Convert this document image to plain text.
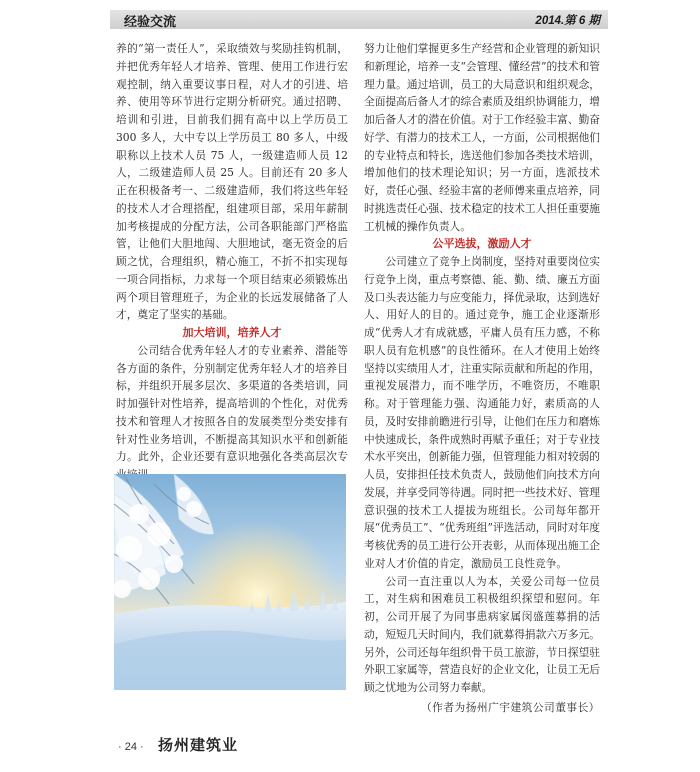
经验交流	2014.第 6 期

养的“第一责任人”，采取绩效与奖励挂钩机制，并把优秀年轻人才培养、管理、使用工作进行宏观控制，纳入重要议事日程，对人才的引进、培养、使用等环节进行定期分析研究。通过招聘、培训和引进，目前我们拥有高中以上学历员工 300 多人，大中专以上学历员工 80 多人，中级职称以上技术人员 75 人，一级建造师人员 12 人，二级建造师人员 25 人。目前还有 20 多人正在积极备考一、二级建造师，我们将这些年轻的技术人才合理搭配，组建项目部，采用年薪制加考核提成的分配方法，公司各职能部门严格监管，让他们大胆地闯、大胆地试，毫无资金的后顾之忧，合理组织，精心施工，不折不扣实现每一项合同指标，力求每一个项目结束必须锻炼出两个项目管理班子，为企业的长远发展储备了人才，奠定了坚实的基础。

加大培训，培养人才

公司结合优秀年轻人才的专业素养、潜能等各方面的条件，分别制定优秀年轻人才的培养目标，并组织开展多层次、多渠道的各类培训，同时加强针对性培养，提高培训的个性化，对优秀技术和管理人才按照各自的发展类型分类安排有针对性业务培训，不断提高其知识水平和创新能力。此外，企业还要有意识地强化各类高层次专

努力让他们掌握更多生产经营和企业管理的新知识和新理论，培养一支“会管理、懂经营”的技术和管理力量。通过培训，员工的大局意识和组织观念，全面提高后备人才的综合素质及组织协调能力，增加后备人才的潜在价值。对于工作经验丰富、勤奋好学、有潜力的技术工人，一方面，公司根据他们的专业特点和特长，选送他们参加各类技术培训，增加他们的技术理论知识；另一方面，选派技术好，责任心强、经验丰富的老师傅来重点培养，同时挑选责任心强、技术稳定的技术工人担任重要施工机械的操作负责人。

公平选拔，激励人才

公司建立了竞争上岗制度，坚持对重要岗位实行竞争上岗，重点考察德、能、勤、绩、廉五方面及口头表达能力与应变能力，择优录取，达到选好人、用好人的目的。通过竞争，施工企业逐渐形成“优秀人才有成就感，平庸人员有压力感，不称职人员有危机感”的良性循环。在人才使用上始终坚持以实绩用人才，注重实际贡献和所起的作用，重视发展潜力，而不唯学历，不唯资历，不唯职称。对于管理能力强、沟通能力好，素质高的人员，及时安排前瞻进行引导，让他们在压力和磨炼中快速成长，条件成熟时再赋予重任；对于专业技术水平突出，创新能力强，但管理能力相对较弱的人员，安排担任技术负责人，鼓励他们向技术方向发展，并享受同等待遇。同时把一些技术好、管理意识强的技术工人提拔为班组长。公司每年都开展“优秀员工”、“优秀班组”评选活动，同时对年度考核优秀的员工进行公开表彰，从而体现出施工企业对人才价值的肯定，激励员工良性竞争。

公司一直注重以人为本，关爱公司每一位员工，对生病和困难员工积极组织探望和慰问。年初，公司开展了为同事患病家属闵盛莲募捐的活动，短短几天时间内，我们就募得捐款六万多元。另外，公司还每年组织骨干员工旅游，节日探望驻外职工家属等，营造良好的企业文化，让员工无后顾之忧地为公司努力奉献。

（作者为扬州广宇建筑公司董事长）

· 24 · 扬州建筑业
